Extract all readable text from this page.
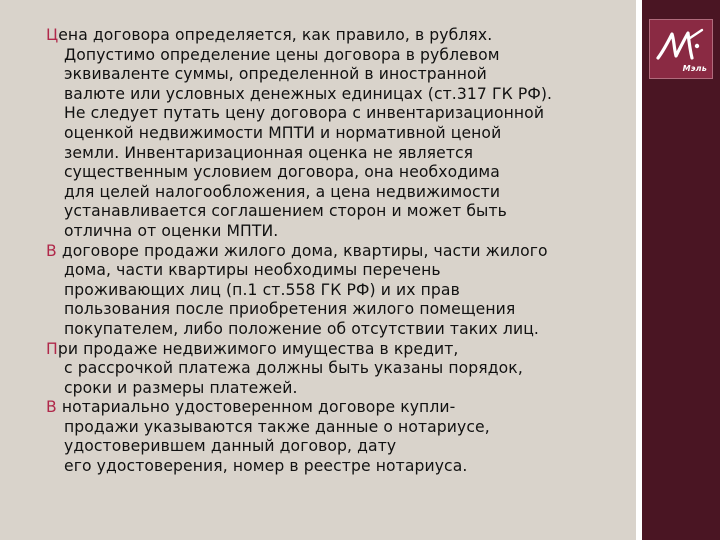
Цена договора определяется, как правило, в рублях.
Допустимо определение цены договора в рублевом
эквиваленте суммы, определенной в иностранной
валюте или условных денежных единицах (ст.317 ГК РФ).
Не следует путать цену договора с инвентаризационной
оценкой недвижимости МПТИ и нормативной ценой
земли. Инвентаризационная оценка не является
существенным условием договора, она необходима
для целей налогообложения, а цена недвижимости
устанавливается соглашением сторон и может быть
отлична от оценки МПТИ.

В договоре продажи жилого дома, квартиры, части жилого
дома, части квартиры необходимы перечень
проживающих лиц (п.1 ст.558 ГК РФ) и их прав
пользования после приобретения жилого помещения
покупателем, либо положение об отсутствии таких лиц.

При продаже недвижимого имущества в кредит,
с рассрочкой платежа должны быть указаны порядок,
сроки и размеры платежей.

В нотариально удостоверенном договоре купли-
продажи указываются также данные о нотариусе,
удостоверившем данный договор, дату
его удостоверения, номер в реестре нотариуса.

Мэль
